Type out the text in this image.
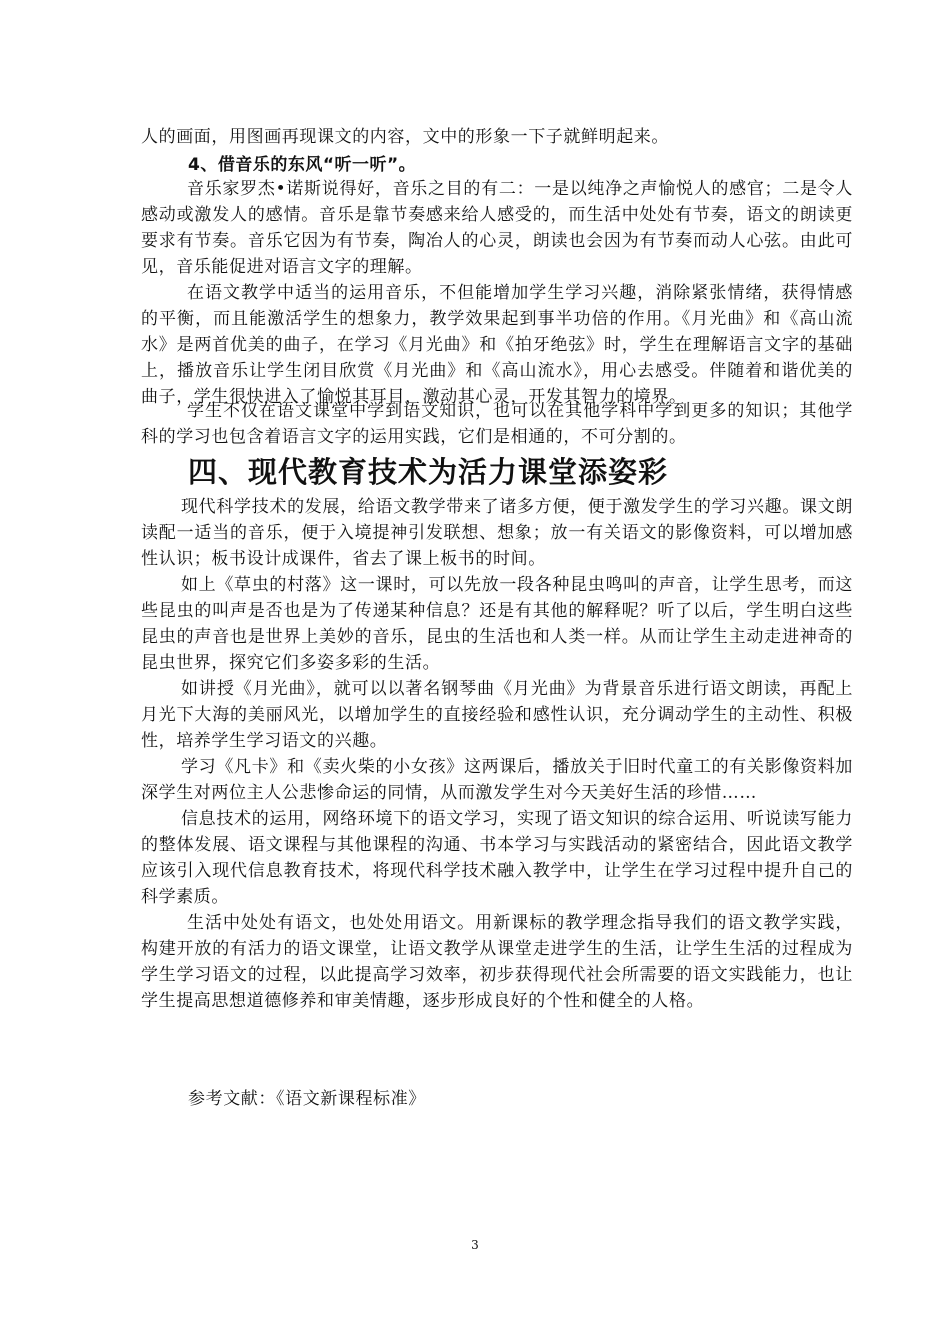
人的画面，用图画再现课文的内容，文中的形象一下子就鲜明起来。
4、借音乐的东风“听一听”。
音乐家罗杰•诺斯说得好，音乐之目的有二：一是以纯净之声愉悦人的感官；二是令人感动或激发人的感情。音乐是靠节奏感来给人感受的，而生活中处处有节奏，语文的朗读更要求有节奏。音乐它因为有节奏，陶冶人的心灵，朗读也会因为有节奏而动人心弦。由此可见，音乐能促进对语言文字的理解。
在语文教学中适当的运用音乐，不但能增加学生学习兴趣，消除紧张情绪，获得情感的平衡，而且能激活学生的想象力，教学效果起到事半功倍的作用。《月光曲》和《高山流水》是两首优美的曲子，在学习《月光曲》和《拍牙绝弦》时，学生在理解语言文字的基础上，播放音乐让学生闭目欣赏《月光曲》和《高山流水》，用心去感受。伴随着和谐优美的曲子，学生很快进入了愉悦其耳目，激动其心灵，开发其智力的境界。
学生不仅在语文课堂中学到语文知识，也可以在其他学科中学到更多的知识；其他学科的学习也包含着语言文字的运用实践，它们是相通的，不可分割的。
四、现代教育技术为活力课堂添姿彩
现代科学技术的发展，给语文教学带来了诸多方便，便于激发学生的学习兴趣。课文朗读配一适当的音乐，便于入境提神引发联想、想象；放一有关语文的影像资料，可以增加感性认识；板书设计成课件，省去了课上板书的时间。
如上《草虫的村落》这一课时，可以先放一段各种昆虫鸣叫的声音，让学生思考，而这些昆虫的叫声是否也是为了传递某种信息？还是有其他的解释呢？听了以后，学生明白这些昆虫的声音也是世界上美妙的音乐，昆虫的生活也和人类一样。从而让学生主动走进神奇的昆虫世界，探究它们多姿多彩的生活。
如讲授《月光曲》，就可以以著名钢琴曲《月光曲》为背景音乐进行语文朗读，再配上月光下大海的美丽风光，以增加学生的直接经验和感性认识，充分调动学生的主动性、积极性，培养学生学习语文的兴趣。
学习《凡卡》和《卖火柴的小女孩》这两课后，播放关于旧时代童工的有关影像资料加深学生对两位主人公悲惨命运的同情，从而激发学生对今天美好生活的珍惜……
信息技术的运用，网络环境下的语文学习，实现了语文知识的综合运用、听说读写能力的整体发展、语文课程与其他课程的沟通、书本学习与实践活动的紧密结合，因此语文教学应该引入现代信息教育技术，将现代科学技术融入教学中，让学生在学习过程中提升自己的科学素质。
生活中处处有语文，也处处用语文。用新课标的教学理念指导我们的语文教学实践，构建开放的有活力的语文课堂，让语文教学从课堂走进学生的生活，让学生生活的过程成为学生学习语文的过程，以此提高学习效率，初步获得现代社会所需要的语文实践能力，也让学生提高思想道德修养和审美情趣，逐步形成良好的个性和健全的人格。
参考文献：《语文新课程标准》
3
